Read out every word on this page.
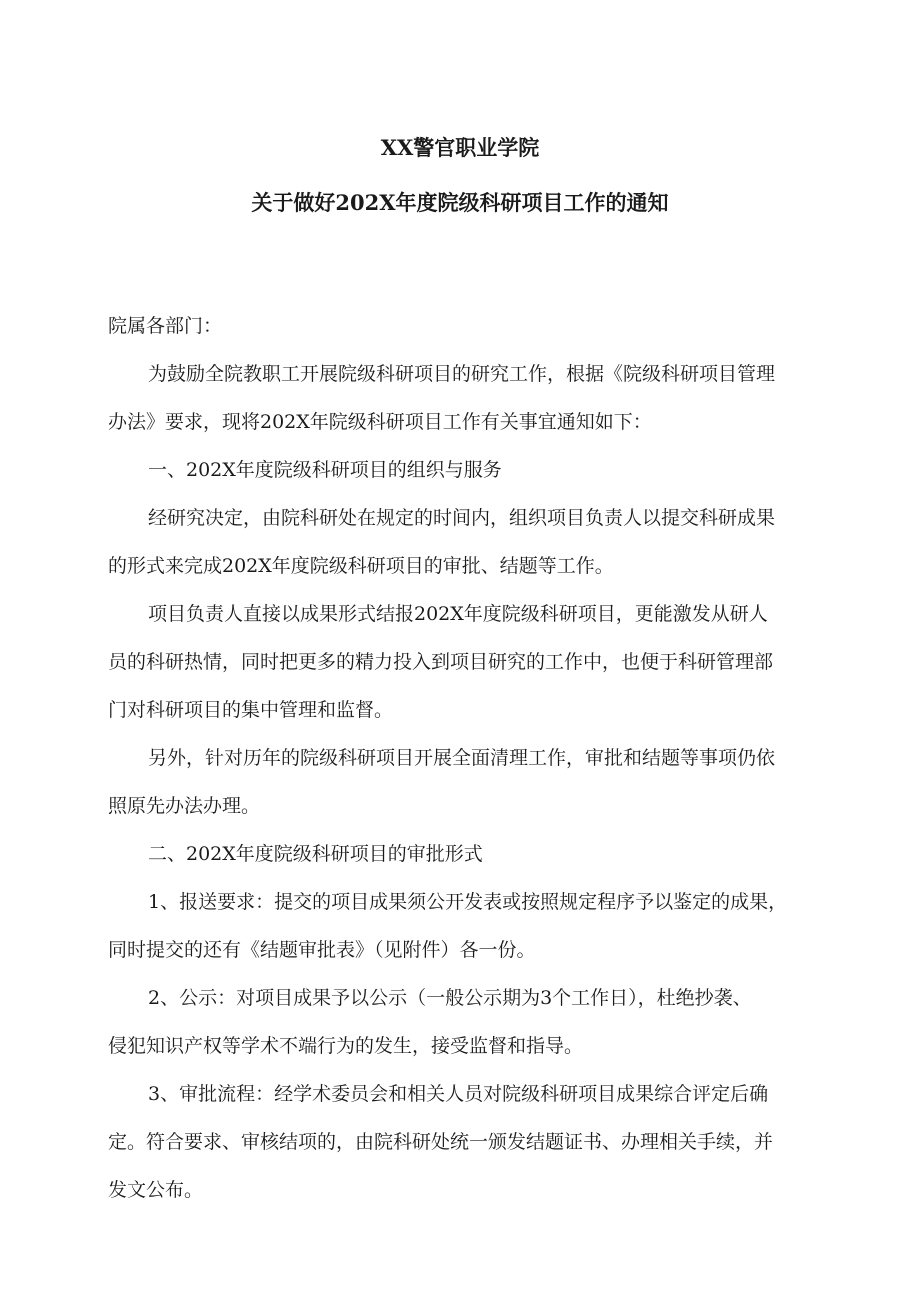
XX警官职业学院
关于做好202X年度院级科研项目工作的通知

院属各部门：

为鼓励全院教职工开展院级科研项目的研究工作，根据《院级科研项目管理

办法》要求，现将202X年院级科研项目工作有关事宜通知如下：

一、202X年度院级科研项目的组织与服务

经研究决定，由院科研处在规定的时间内，组织项目负责人以提交科研成果

的形式来完成202X年度院级科研项目的审批、结题等工作。

项目负责人直接以成果形式结报202X年度院级科研项目，更能激发从研人

员的科研热情，同时把更多的精力投入到项目研究的工作中，也便于科研管理部

门对科研项目的集中管理和监督。

另外，针对历年的院级科研项目开展全面清理工作，审批和结题等事项仍依

照原先办法办理。

二、202X年度院级科研项目的审批形式

1、报送要求：提交的项目成果须公开发表或按照规定程序予以鉴定的成果，

同时提交的还有《结题审批表》（见附件）各一份。

2、公示：对项目成果予以公示（一般公示期为3个工作日），杜绝抄袭、

侵犯知识产权等学术不端行为的发生，接受监督和指导。

3、审批流程：经学术委员会和相关人员对院级科研项目成果综合评定后确

定。符合要求、审核结项的，由院科研处统一颁发结题证书、办理相关手续，并

发文公布。
